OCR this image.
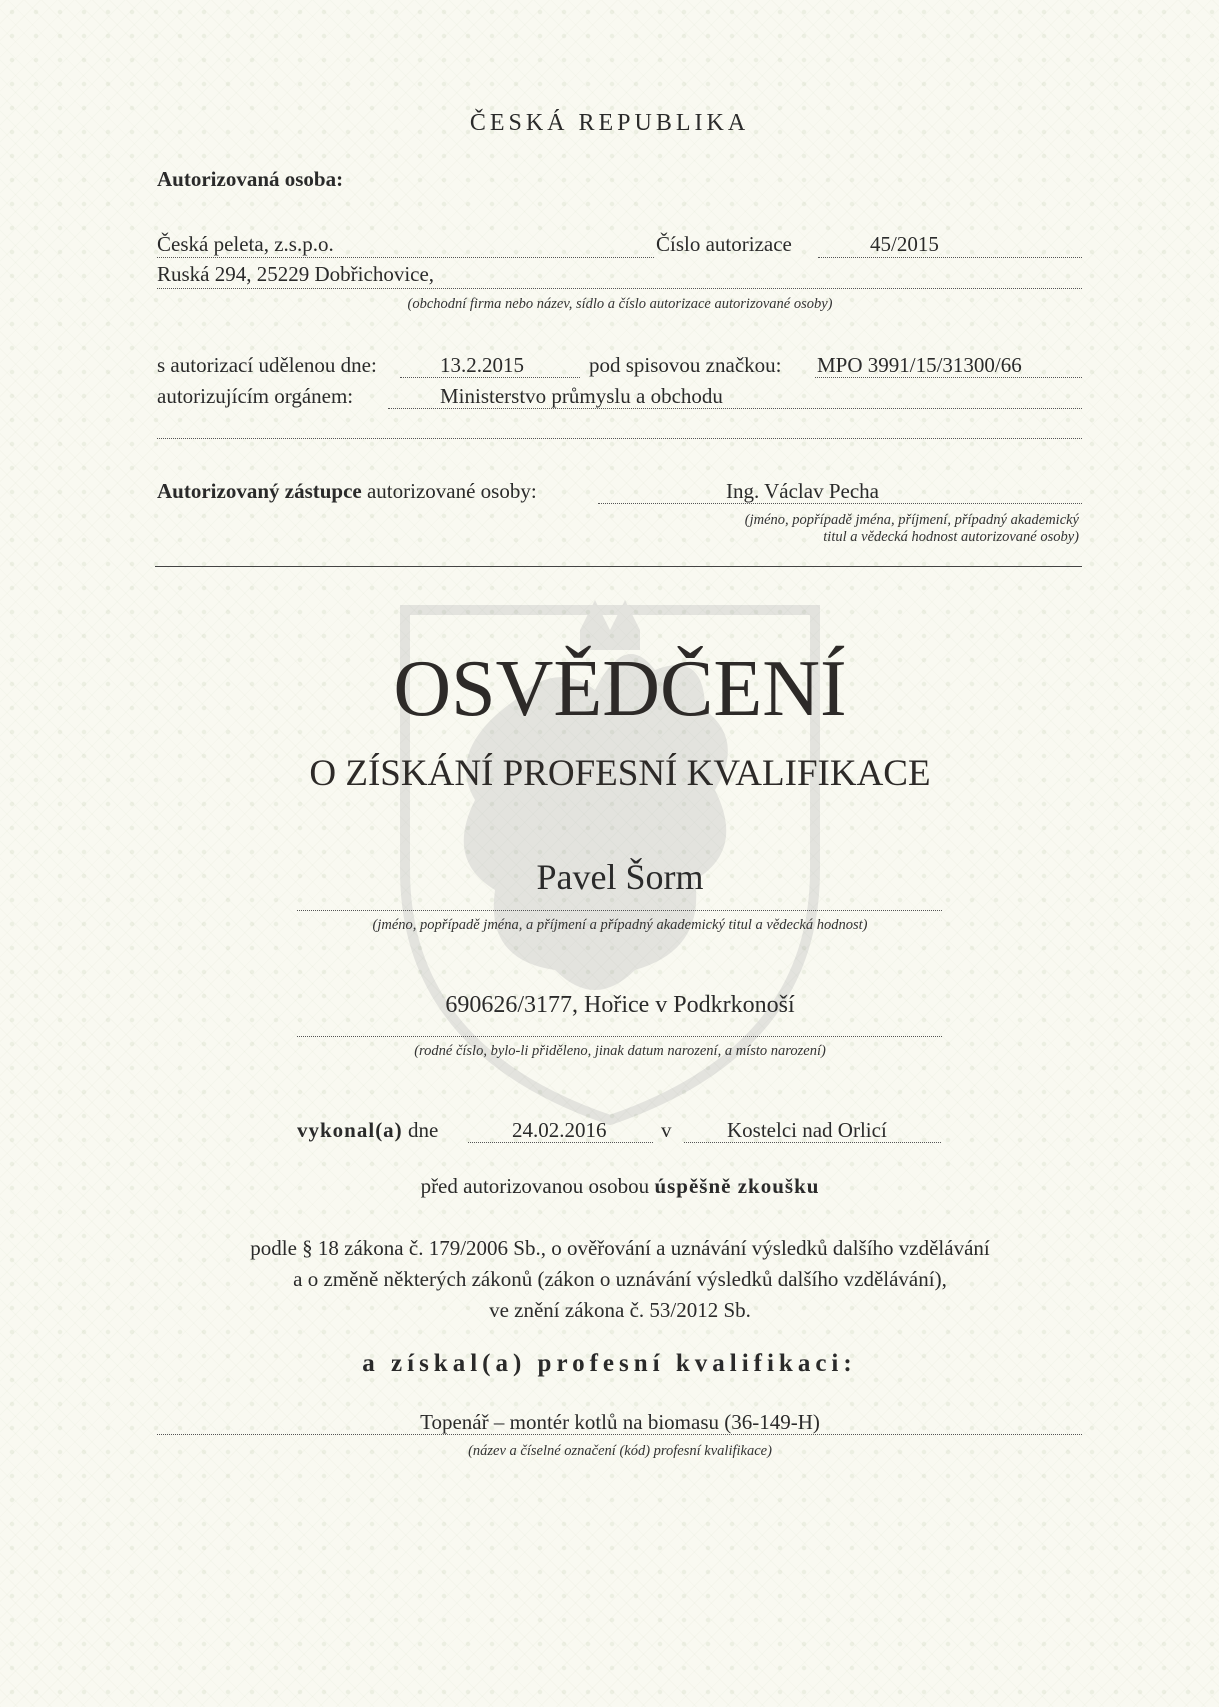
ČESKÁ REPUBLIKA
Autorizovaná osoba:
Česká peleta, z.s.p.o.	Číslo autorizace	45/2015
Ruská 294, 25229 Dobřichovice,
(obchodní firma nebo název, sídlo a číslo autorizace autorizované osoby)
s autorizací udělenou dne:	13.2.2015	pod spisovou značkou: MPO 3991/15/31300/66
autorizujícím orgánem:	Ministerstvo průmyslu a obchodu
Autorizovaný zástupce autorizované osoby:	Ing. Václav Pecha
(jméno, popřípadě jména, příjmení, případný akademický
titul a vědecká hodnost autorizované osoby)
OSVĚDČENÍ
O ZÍSKÁNÍ PROFESNÍ KVALIFIKACE
Pavel Šorm
(jméno, popřípadě jména, a příjmení a případný akademický titul a vědecká hodnost)
690626/3177, Hořice v Podkrkonoší
(rodné číslo, bylo-li přiděleno, jinak datum narození, a místo narození)
vykonal(a) dne	24.02.2016	v	Kostelci nad Orlicí
před autorizovanou osobou úspěšně zkoušku
podle § 18 zákona č. 179/2006 Sb., o ověřování a uznávání výsledků dalšího vzdělávání
a o změně některých zákonů (zákon o uznávání výsledků dalšího vzdělávání),
ve znění zákona č. 53/2012 Sb.
a získal(a) profesní kvalifikaci:
Topenář – montér kotlů na biomasu (36-149-H)
(název a číselné označení (kód) profesní kvalifikace)
